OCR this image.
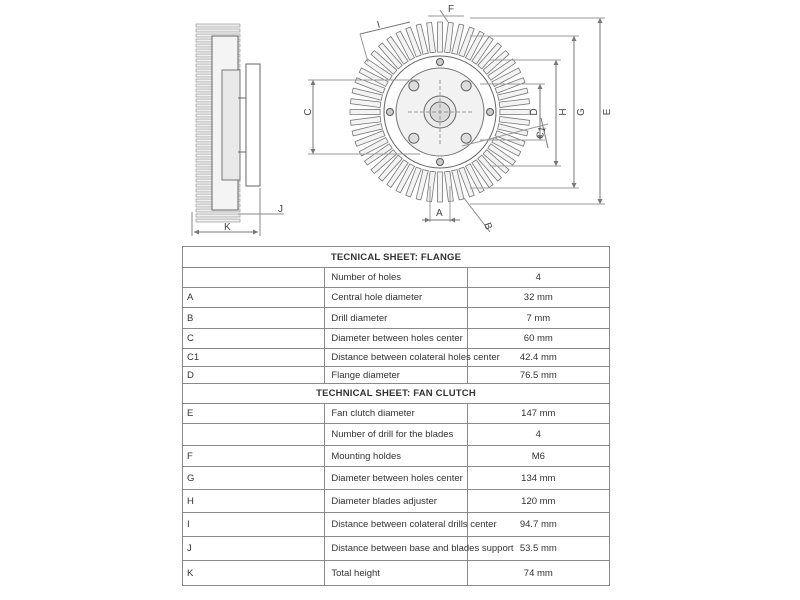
K
J
F
I
C	D H G E
C1
A
B
TECNICAL SHEET: FLANGE		
	Number of holes	4
A	Central hole diameter	32 mm
B	Drill diameter	7 mm
C	Diameter between holes center	60 mm
C1	Distance between colateral holes center	42.4 mm
D	Flange diameter	76.5 mm
TECHNICAL SHEET: FAN CLUTCH		
E	Fan clutch diameter	147 mm
	Number of drill for the blades	4
F	Mounting holdes	M6
G	Diameter between holes center	134 mm
H	Diameter blades adjuster	120 mm
I	Distance between colateral drills center	94.7 mm
J	Distance between base and blades support	53.5 mm
K	Total height	74 mm
